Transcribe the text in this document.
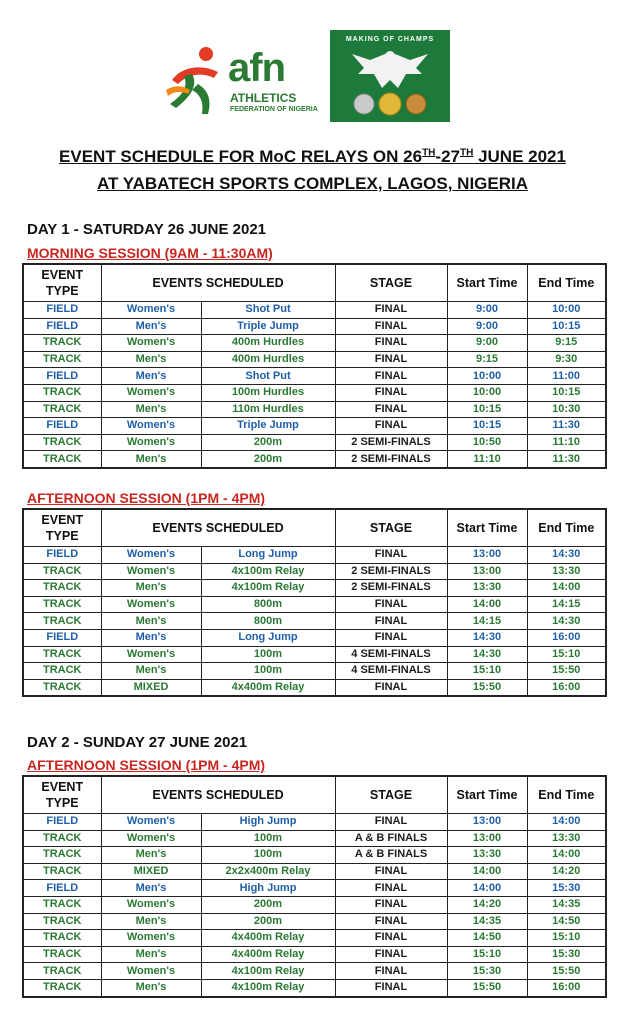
afn
ATHLETICS
FEDERATION OF NIGERIA
MAKING OF CHAMPS
EVENT SCHEDULE FOR MoC RELAYS ON 26TH-27TH JUNE 2021
AT YABATECH SPORTS COMPLEX, LAGOS, NIGERIA
DAY 1 - SATURDAY 26 JUNE 2021
MORNING SESSION (9AM - 11:30AM)
EVENT TYPE	EVENTS SCHEDULED		STAGE	Start Time	End Time
FIELD	Women's	Shot Put	FINAL	9:00	10:00
FIELD	Men's	Triple Jump	FINAL	9:00	10:15
TRACK	Women's	400m Hurdles	FINAL	9:00	9:15
TRACK	Men's	400m Hurdles	FINAL	9:15	9:30
FIELD	Men's	Shot Put	FINAL	10:00	11:00
TRACK	Women's	100m Hurdles	FINAL	10:00	10:15
TRACK	Men's	110m Hurdles	FINAL	10:15	10:30
FIELD	Women's	Triple Jump	FINAL	10:15	11:30
TRACK	Women's	200m	2 SEMI-FINALS	10:50	11:10
TRACK	Men's	200m	2 SEMI-FINALS	11:10	11:30
AFTERNOON SESSION (1PM - 4PM)
EVENT TYPE	EVENTS SCHEDULED		STAGE	Start Time	End Time
FIELD	Women's	Long Jump	FINAL	13:00	14:30
TRACK	Women's	4x100m Relay	2 SEMI-FINALS	13:00	13:30
TRACK	Men's	4x100m Relay	2 SEMI-FINALS	13:30	14:00
TRACK	Women's	800m	FINAL	14:00	14:15
TRACK	Men's	800m	FINAL	14:15	14:30
FIELD	Men's	Long Jump	FINAL	14:30	16:00
TRACK	Women's	100m	4 SEMI-FINALS	14:30	15:10
TRACK	Men's	100m	4 SEMI-FINALS	15:10	15:50
TRACK	MIXED	4x400m Relay	FINAL	15:50	16:00
DAY 2 - SUNDAY 27 JUNE 2021
AFTERNOON SESSION (1PM - 4PM)
EVENT TYPE	EVENTS SCHEDULED		STAGE	Start Time	End Time
FIELD	Women's	High Jump	FINAL	13:00	14:00
TRACK	Women's	100m	A & B FINALS	13:00	13:30
TRACK	Men's	100m	A & B FINALS	13:30	14:00
TRACK	MIXED	2x2x400m Relay	FINAL	14:00	14:20
FIELD	Men's	High Jump	FINAL	14:00	15:30
TRACK	Women's	200m	FINAL	14:20	14:35
TRACK	Men's	200m	FINAL	14:35	14:50
TRACK	Women's	4x400m Relay	FINAL	14:50	15:10
TRACK	Men's	4x400m Relay	FINAL	15:10	15:30
TRACK	Women's	4x100m Relay	FINAL	15:30	15:50
TRACK	Men's	4x100m Relay	FINAL	15:50	16:00
